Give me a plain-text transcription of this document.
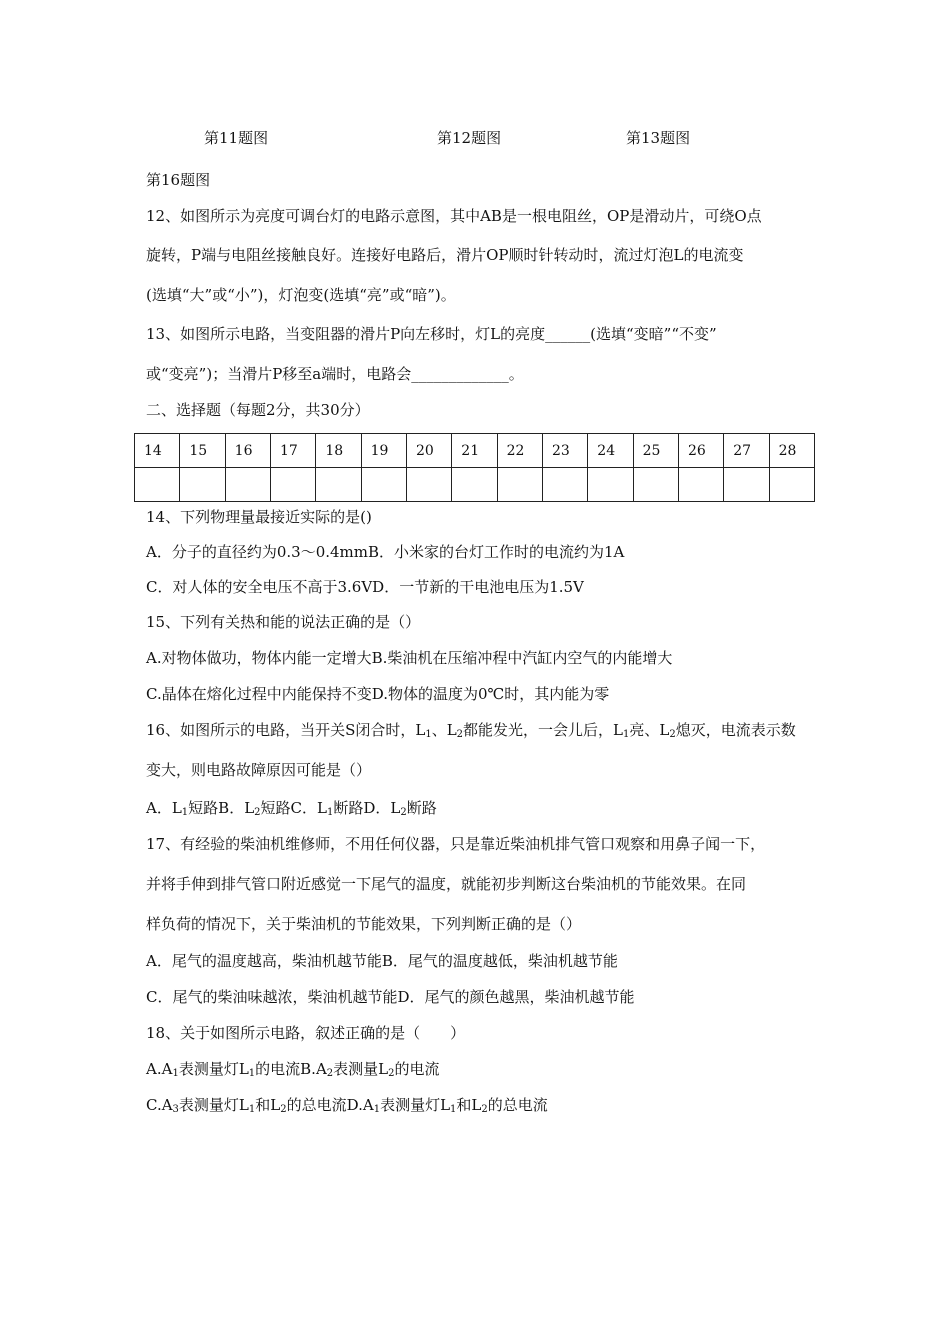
第11题图	第12题图	第13题图
第16题图
12、如图所示为亮度可调台灯的电路示意图，其中AB是一根电阻丝，OP是滑动片，可绕O点
旋转，P端与电阻丝接触良好。连接好电路后，滑片OP顺时针转动时，流过灯泡L的电流变
(选填“大”或“小”)，灯泡变(选填“亮”或“暗”)。
13、如图所示电路，当变阻器的滑片P向左移时，灯L的亮度______(选填“变暗”“不变”
或“变亮”)；当滑片P移至a端时，电路会_____________。
二、选择题（每题2分，共30分）
14	15	16	17	18	19	20	21	22	23	24	25	26	27	28

14、下列物理量最接近实际的是()
A．分子的直径约为0.3～0.4mmB．小米家的台灯工作时的电流约为1A
C．对人体的安全电压不高于3.6VD．一节新的干电池电压为1.5V
15、下列有关热和能的说法正确的是（）
A.对物体做功，物体内能一定增大B.柴油机在压缩冲程中汽缸内空气的内能增大
C.晶体在熔化过程中内能保持不变D.物体的温度为0℃时，其内能为零
16、如图所示的电路，当开关S闭合时，$L_1$、$L_2$都能发光，一会儿后，$L_1$亮、$L_2$熄灭，电流表示数
变大，则电路故障原因可能是（）
A．$L_1$短路B．$L_2$短路C．$L_1$断路D．$L_2$断路
17、有经验的柴油机维修师，不用任何仪器，只是靠近柴油机排气管口观察和用鼻子闻一下，
并将手伸到排气管口附近感觉一下尾气的温度，就能初步判断这台柴油机的节能效果。在同
样负荷的情况下，关于柴油机的节能效果，下列判断正确的是（）
A．尾气的温度越高，柴油机越节能B．尾气的温度越低，柴油机越节能
C．尾气的柴油味越浓，柴油机越节能D．尾气的颜色越黑，柴油机越节能
18、关于如图所示电路，叙述正确的是（　　）
$A.A_1$表测量灯$L_1$的电流$B.A_2$表测量$L_2$的电流
$C.A_3$表测量灯$L_1$和$L_2$的总电流$D.A_1$表测量灯$L_1$和$L_2$的总电流
